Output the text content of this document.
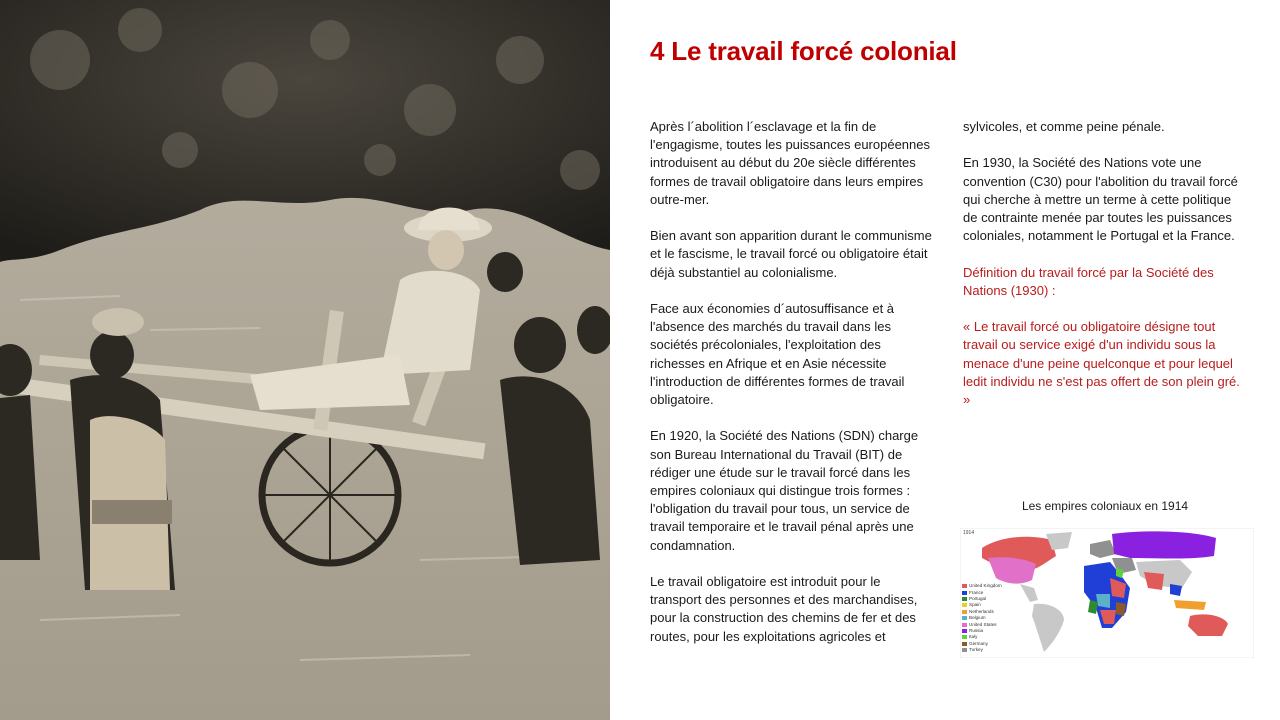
4 Le travail forcé colonial

Après l´abolition l´esclavage et la fin de l'engagisme, toutes les puissances européennes introduisent au début du 20e siècle différentes formes de travail obligatoire dans leurs empires outre-mer.

Bien avant son apparition durant le communisme et le fascisme, le travail forcé ou obligatoire était déjà substantiel au colonialisme.

Face aux économies d´autosuffisance et à l'absence des marchés du travail dans les sociétés précoloniales, l'exploitation des richesses en Afrique et en Asie nécessite l'introduction de différentes formes de travail obligatoire.

En 1920, la Société des Nations (SDN) charge son Bureau International du Travail (BIT) de rédiger une étude sur le travail forcé dans les empires coloniaux qui distingue trois formes : l'obligation du travail pour tous, un service de travail temporaire et le travail pénal après une condamnation.

Le travail obligatoire est introduit pour le transport des personnes et des marchandises, pour la construction des chemins de fer et des routes, pour les exploitations agricoles et

sylvicoles, et comme peine pénale.

En 1930, la Société des Nations vote une convention (C30) pour l'abolition du travail forcé qui cherche à mettre un terme à cette politique de contrainte menée par toutes les puissances coloniales, notamment le Portugal et la France.

Définition du travail forcé par la Société des Nations (1930) :

« Le travail forcé ou obligatoire désigne tout travail ou service exigé d'un individu sous la menace d'une peine quelconque et pour lequel ledit individu ne s'est pas offert de son plein gré. »

Les empires coloniaux en 1914
1914
United Kingdom
France
Portugal
Spain
Netherlands
Belgium
United States
Russia
Italy
Germany
Turkey
